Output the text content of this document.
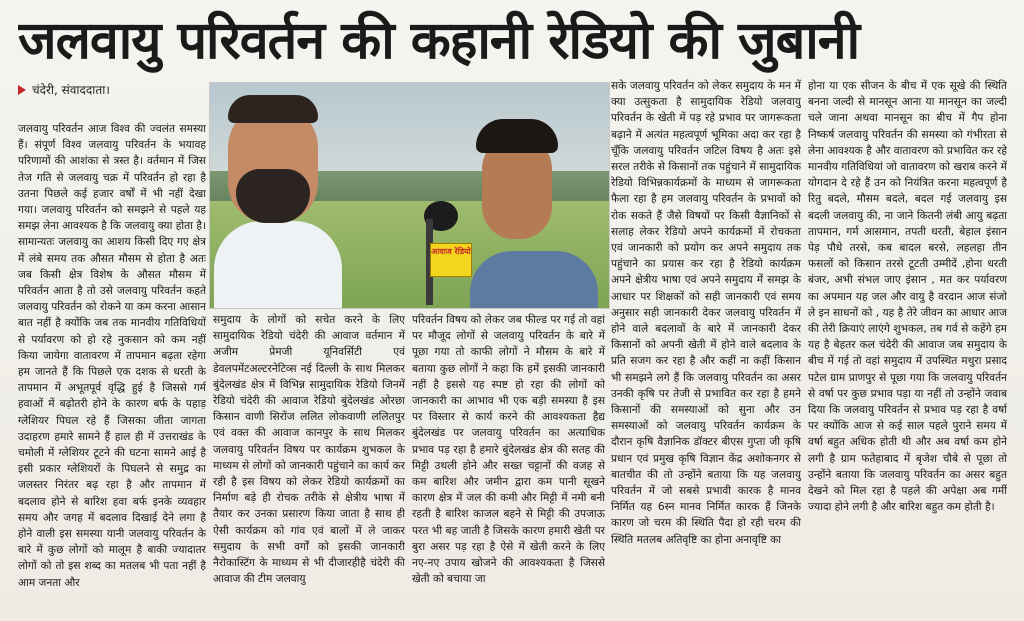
जलवायु परिवर्तन की कहानी रेडियो की जुबानी
चंदेरी, संवाददाता।
आवाज रेडियो

जलवायु परिवर्तन आज विश्व की ज्वलंत समस्या हैं। संपूर्ण विश्व जलवायु परिवर्तन के भयावह परिणामों की आशंका से त्रस्त है। वर्तमान में जिस तेज गति से जलवायु चक्र में परिवर्तन हो रहा है उतना पिछले कई हजार वर्षों में भी नहीं देखा गया। जलवायु परिवर्तन को समझने से पहले यह समझ लेना आवश्यक है कि जलवायु क्या होता है। सामान्यतः जलवायु का आशय किसी दिए गए क्षेत्र में लंबे समय तक औसत मौसम से होता है अतः जब किसी क्षेत्र विशेष के औसत मौसम में परिवर्तन आता है तो उसे जलवायु परिवर्तन कहते जलवायु परिवर्तन को रोकने या कम करना आसान बात नहीं है क्योंकि जब तक मानवीय गतिविधियों से पर्यावरण को हो रहे नुकसान को कम नहीं किया जायेगा वातावरण में तापमान बढ़ता रहेगा हम जानते हैं कि पिछले एक दशक से धरती के तापमान में अभूतपूर्व वृद्धि हुई है जिससे गर्म हवाओं में बढ़ोतरी होने के कारण बर्फ के पहाड़ ग्लेशियर पिघल रहे हैं जिसका जीता जागता उदाहरण हमारे सामने हैं हाल ही में उत्तराखंड के चमोली में ग्लेशियर टूटने की घटना सामने आई है इसी प्रकार ग्लेशियरों के पिघलने से समुद्र का जलस्तर निरंतर बढ़ रहा है और तापमान में बदलाव होने से बारिश हवा बर्फ इनके व्यवहार समय और जगह में बदलाव दिखाई देने लगा है होने वाली इस समस्या यानी जलवायु परिवर्तन के बारे में कुछ लोगों को मालूम है बाकी ज्यादातर लोगों को तो इस शब्द का मतलब भी पता नहीं है आम जनता और

समुदाय के लोगों को सचेत करने के लिए सामुदायिक रेडियो चंदेरी की आवाज वर्तमान में अजीम प्रेमजी यूनिवर्सिटी एवं डेवलपमेंटअल्टरनेटिव्स नई दिल्ली के साथ मिलकर बुंदेलखंड क्षेत्र में विभिन्न सामुदायिक रेडियो जिनमें रेडियो चंदेरी की आवाज रेडियो बुंदेलखंड ओरछा किसान वाणी सिरोंज ललित लोकवाणी ललितपुर एवं वक्त की आवाज कानपुर के साथ मिलकर जलवायु परिवर्तन विषय पर कार्यक्रम शुभकल के माध्यम से लोगों को जानकारी पहुंचाने का कार्य कर रही है इस विषय को लेकर रेडियो कार्यक्रमों का निर्माण बड़े ही रोचक तरीके से क्षेत्रीय भाषा में तैयार कर उनका प्रसारण किया जाता है साथ ही ऐसी कार्यक्रम को गांव एवं बालों में ले जाकर समुदाय के सभी वर्गों को इसकी जानकारी नैरोकास्टिंग के माध्यम से भी दीजारहीहै चंदेरी की आवाज की टीम जलवायु

परिवर्तन विषय को लेकर जब फील्ड पर गई तो वहां पर मौजूद लोगों से जलवायु परिवर्तन के बारे में पूछा गया तो काफी लोगों ने मौसम के बारे में बताया कुछ लोगों ने कहा कि हमें इसकी जानकारी नहीं है इससे यह स्पष्ट हो रहा की लोगों को जानकारी का आभाव भी एक बड़ी समस्या है इस पर विस्तार से कार्य करने की आवश्यकता हैद्य बुंदेलखंड पर जलवायु परिवर्तन का अत्याधिक प्रभाव पड़ रहा है हमारे बुंदेलखंड क्षेत्र की सतह की मिट्टी उथली होने और सख्त चट्टानों की वजह से कम बारिश और जमीन द्वारा कम पानी सूखने कारण क्षेत्र में जल की कमी और मिट्टी में नमी बनी रहती है बारिश काजल बहने से मिट्टी की उपजाऊ परत भी बह जाती है जिसके कारण हमारी खेती पर बुरा असर पड़ रहा है ऐसे में खेती करने के लिए नए-नए उपाय खोजने की आवश्यकता है जिससे खेती को बचाया जा

सके जलवायु परिवर्तन को लेकर समुदाय के मन में क्या उत्सुकता है सामुदायिक रेडियो जलवायु परिवर्तन के खेती में पड़ रहे प्रभाव पर जागरूकता बढ़ाने में अत्यंत महत्वपूर्ण भूमिका अदा कर रहा है चूँकि जलवायु परिवर्तन जटिल विषय है अतः इसे सरल तरीके से किसानों तक पहुंचाने में सामुदायिक रेडियो विभिन्नकार्यक्रमों के माध्यम से जागरूकता फैला रहा है हम जलवायु परिवर्तन के प्रभावों को रोक सकते हैं जैसे विषयों पर किसी वैज्ञानिकों से सलाह लेकर रेडियो अपने कार्यक्रमों में रोचकता एवं जानकारी को प्रयोग कर अपने समुदाय तक पहुंचाने का प्रयास कर रहा है रेडियो कार्यक्रम अपने क्षेत्रीय भाषा एवं अपने समुदाय में समझ के आधार पर शिक्षकों को सही जानकारी एवं समय अनुसार सही जानकारी देकर जलवायु परिवर्तन में होने वाले बदलावों के बारे में जानकारी देकर किसानों को अपनी खेती में होने वाले बदलाव के प्रति सजग कर रहा है और कहीं ना कहीं किसान भी समझने लगे हैं कि जलवायु परिवर्तन का असर उनकी कृषि पर तेजी से प्रभावित कर रहा है हमने किसानों की समस्याओं को सुना और उन समस्याओं को जलवायु परिवर्तन कार्यक्रम के दौरान कृषि वैज्ञानिक डॉक्टर बीएस गुप्ता जी कृषि प्रधान एवं प्रमुख कृषि विज्ञान केंद्र अशोकनगर से बातचीत की तो उन्होंने बताया कि यह जलवायु परिवर्तन में जो सबसे प्रभावी कारक है मानव निर्मित यह 6स्न मानव निर्मित कारक हैं जिनके कारण जो चरम की स्थिति पैदा हो रही चरम की स्थिति मतलब अतिवृष्टि का होना अनावृष्टि का

होना या एक सीजन के बीच में एक सूखे की स्थिति बनना जल्दी से मानसून आना या मानसून का जल्दी चले जाना अथवा मानसून का बीच में गैप होना निष्कर्ष जलवायु परिवर्तन की समस्या को गंभीरता से लेना आवश्यक है और वातावरण को प्रभावित कर रहे मानवीय गतिविधियां जो वातावरण को खराब करने में योगदान दे रहे हैं उन को नियंत्रित करना महत्वपूर्ण है रितु बदले, मौसम बदले, बदल गई जलवायु इस बदली जलवायु की, ना जाने कितनी लंबी आयु बढ़ता तापमान, गर्म आसमान, तपती धरती, बेहाल इंसान पेड़ पौधे तरसे, कब बादल बरसे, लहलहा तीन फसलों को किसान तरसे टूटती उम्मीदें ,होना धरती बंजर, अभी संभल जाए इंसान , मत कर पर्यावरण का अपमान यह जल और वायु है वरदान आज संजो ले इन साधनों को , यह है तेरे जीवन का आधार आज की तेरी क्रियाएं लाएंगे शुभकल, तब गर्व से कहेंगे हम यह है बेहतर कल चंदेरी की आवाज जब समुदाय के बीच में गई तो वहां समुदाय में उपस्थित मथुरा प्रसाद पटेल ग्राम प्राणपुर से पूछा गया कि जलवायु परिवर्तन से वर्षा पर कुछ प्रभाव पड़ा या नहीं तो उन्होंने जवाब दिया कि जलवायु परिवर्तन से प्रभाव पड़ रहा है वर्षा पर क्योंकि आज से कई साल पहले पुराने समय में वर्षा बहुत अधिक होती थी और अब वर्षा कम होने लगी है ग्राम फतेहाबाद में बृजेश चौबे से पूछा तो उन्होंने बताया कि जलवायु परिवर्तन का असर बहुत देखने को मिल रहा है पहले की अपेक्षा अब गर्मी ज्यादा होने लगी है और बारिश बहुत कम होती है।
